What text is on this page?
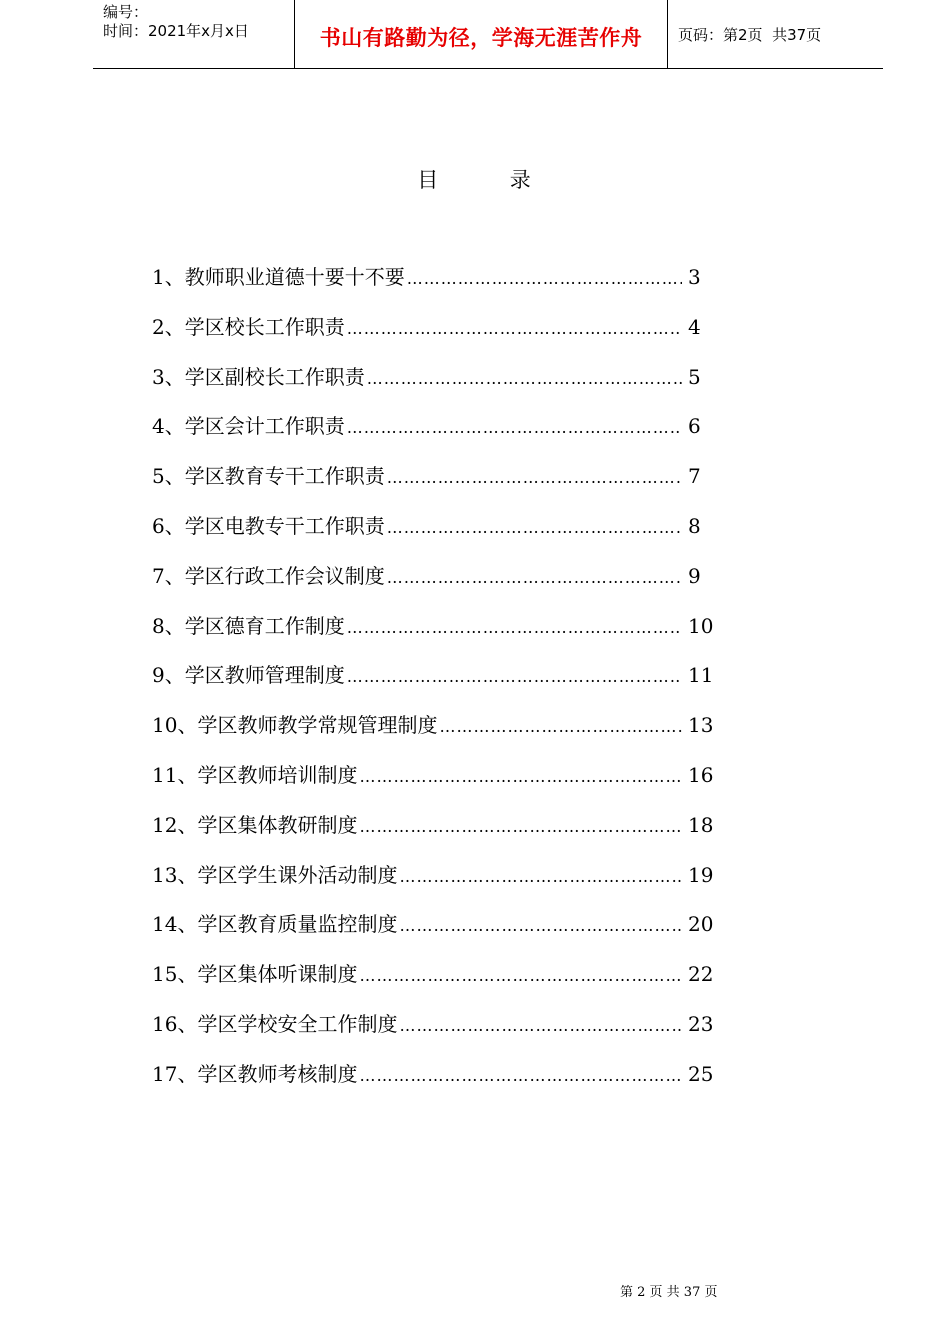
编号：
时间：2021年x月x日	书山有路勤为径，学海无涯苦作舟	页码：第2页  共37页
目        录
1、教师职业道德十要十不要 …………………………………………………………………………………………	3
2、学区校长工作职责 …………………………………………………………………………………………	4
3、学区副校长工作职责 …………………………………………………………………………………………	5
4、学区会计工作职责 …………………………………………………………………………………………	6
5、学区教育专干工作职责 …………………………………………………………………………………………	7
6、学区电教专干工作职责 …………………………………………………………………………………………	8
7、学区行政工作会议制度 …………………………………………………………………………………………	9
8、学区德育工作制度 …………………………………………………………………………………………	10
9、学区教师管理制度 …………………………………………………………………………………………	11
10、学区教师教学常规管理制度 …………………………………………………………………………………………	13
11、学区教师培训制度 …………………………………………………………………………………………	16
12、学区集体教研制度 …………………………………………………………………………………………	18
13、学区学生课外活动制度 …………………………………………………………………………………………	19
14、学区教育质量监控制度 …………………………………………………………………………………………	20
15、学区集体听课制度 …………………………………………………………………………………………	22
16、学区学校安全工作制度 …………………………………………………………………………………………	23
17、学区教师考核制度 …………………………………………………………………………………………	25
第 2 页 共 37 页
